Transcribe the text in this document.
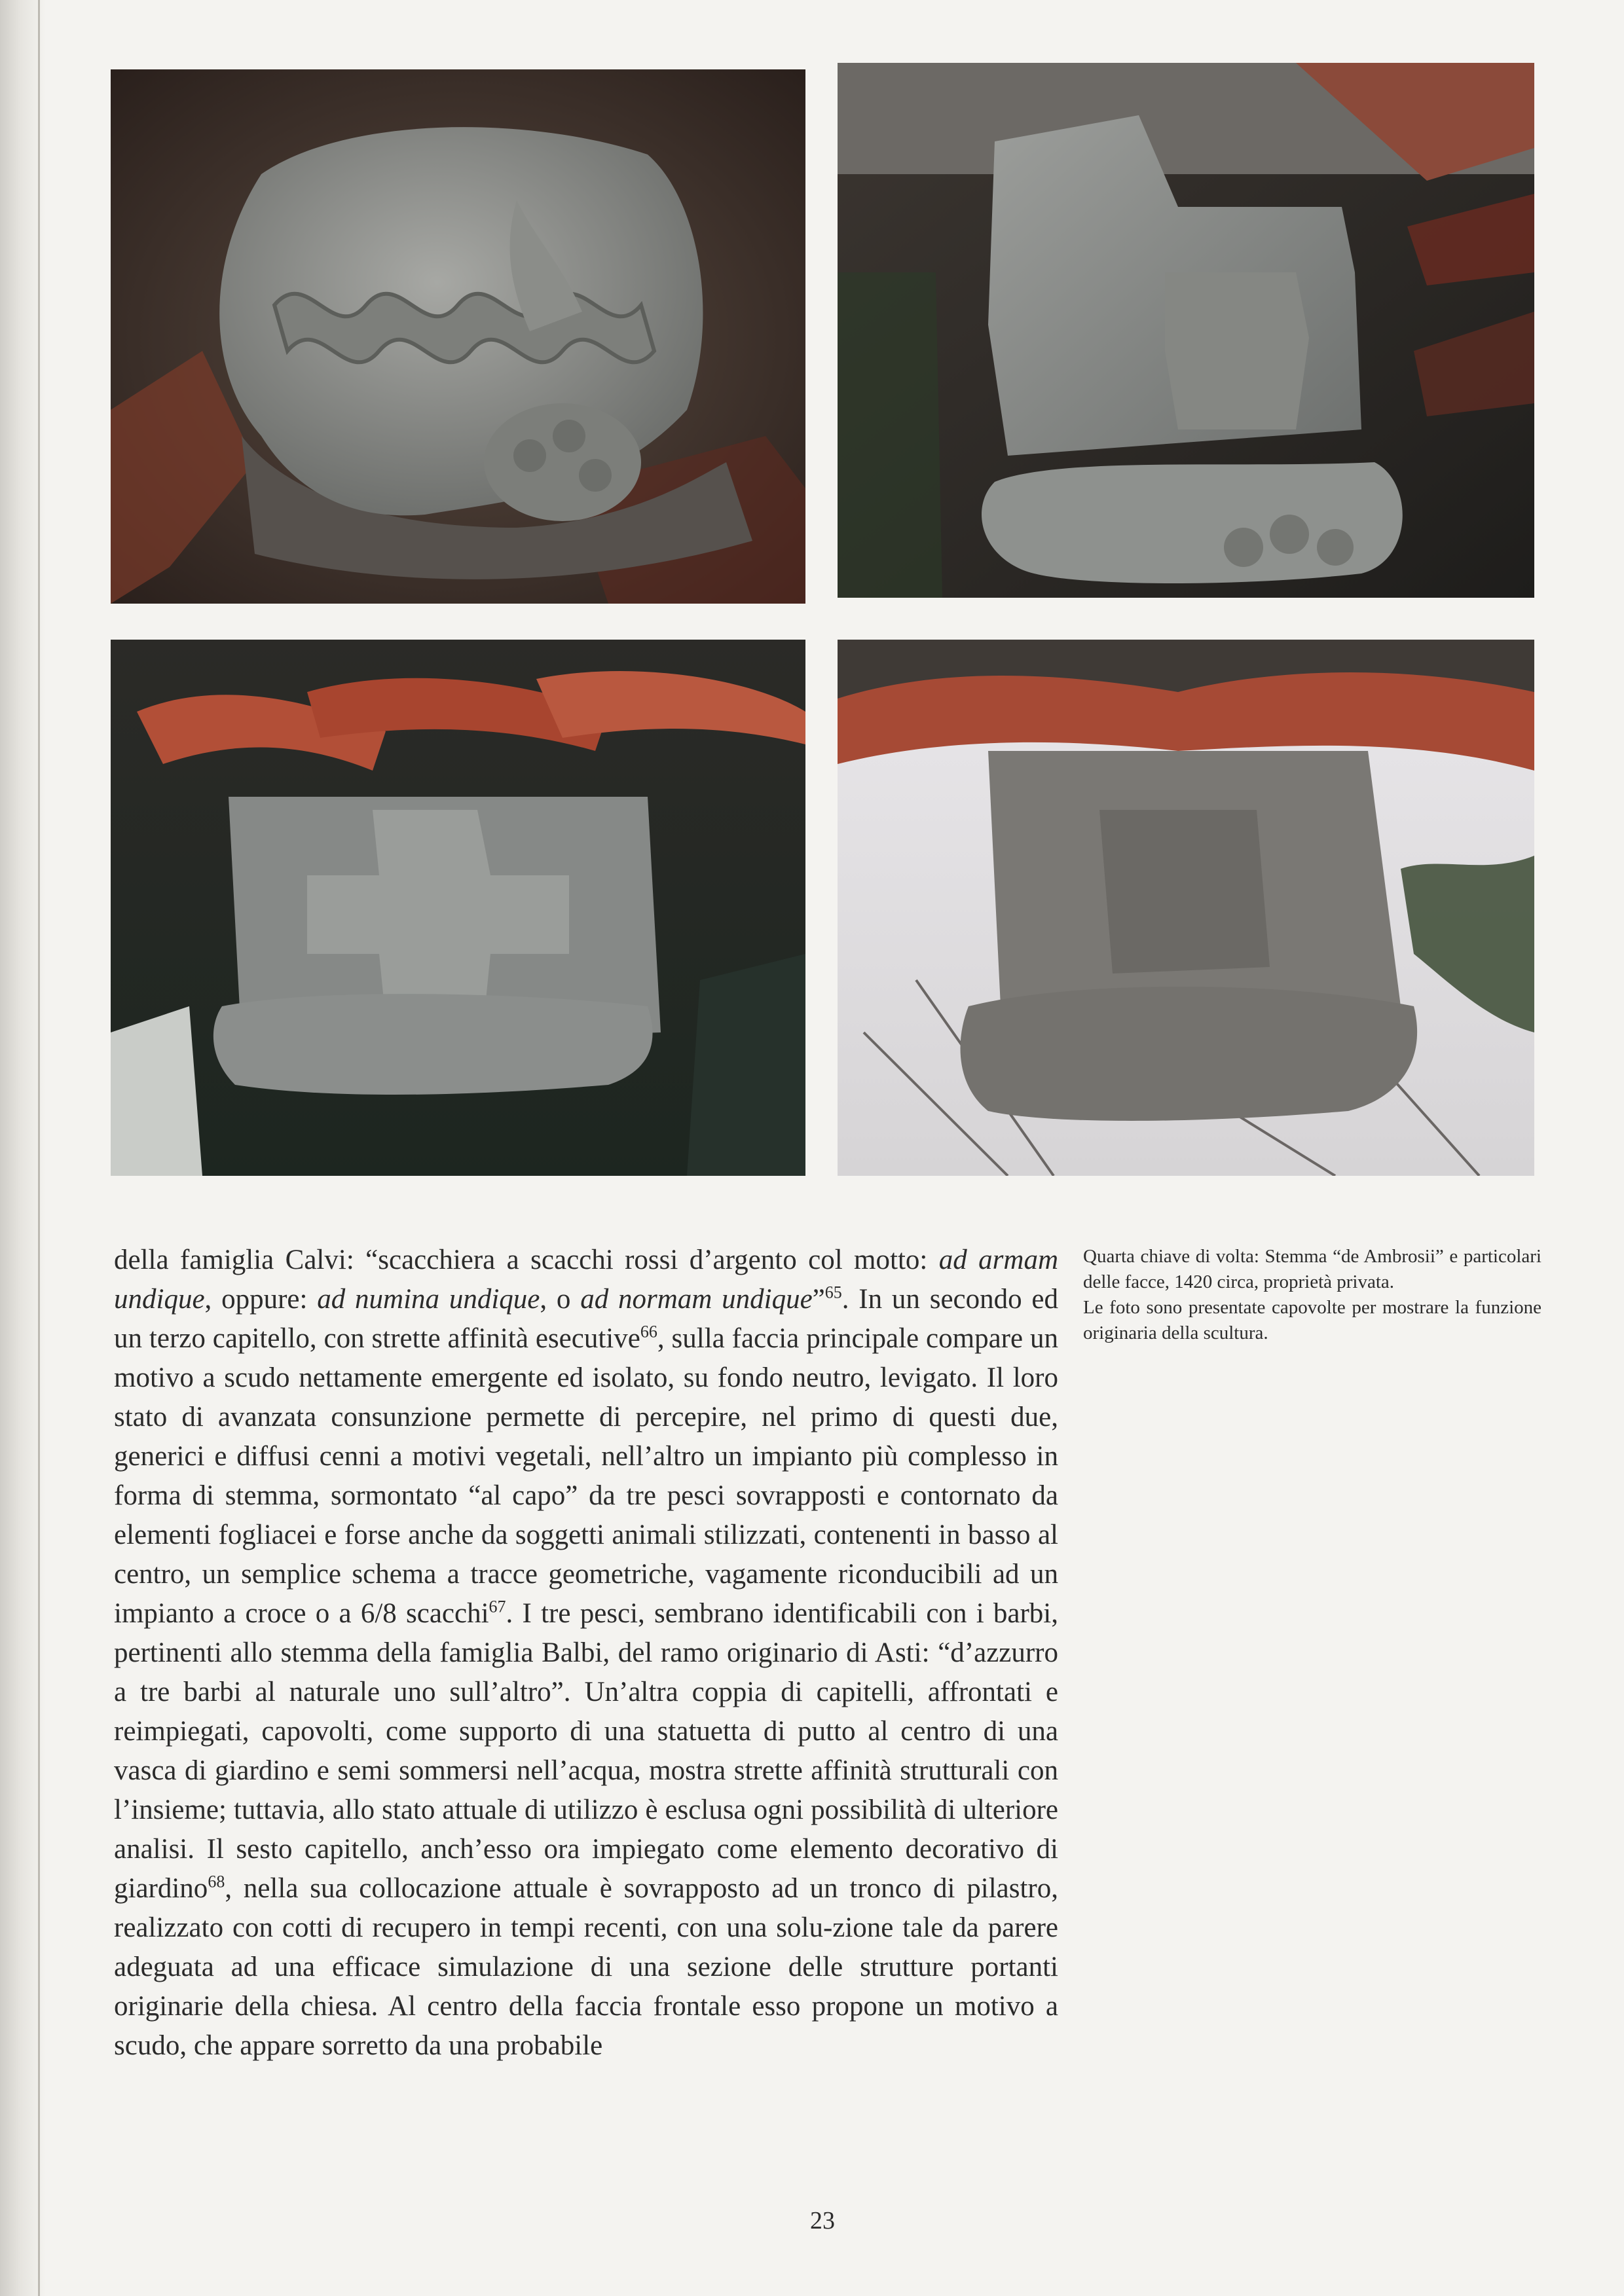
della famiglia Calvi: “scacchiera a scacchi rossi d’argento col motto: ad armam undique, oppure: ad numina undique, o ad normam undique”$^{65}$. In un secondo ed un terzo capitello, con strette affinità esecutive$^{66}$, sulla faccia principale compare un motivo a scudo nettamente emergente ed isolato, su fondo neutro, levigato. Il loro stato di avanzata consunzione permette di percepire, nel primo di questi due, generici e diffusi cenni a motivi vegetali, nell’altro un impianto più complesso in forma di stemma, sormontato “al capo” da tre pesci sovrapposti e contornato da elementi fogliacei e forse anche da soggetti animali stilizzati, contenenti in basso al centro, un semplice schema a tracce geometriche, vagamente riconducibili ad un impianto a croce o a 6/8 scacchi$^{67}$. I tre pesci, sembrano identificabili con i barbi, pertinenti allo stemma della famiglia Balbi, del ramo originario di Asti: “d’azzurro a tre barbi al naturale uno sull’altro”. Un’altra coppia di capitelli, affrontati e reimpiegati, capovolti, come supporto di una statuetta di putto al centro di una vasca di giardino e semi sommersi nell’acqua, mostra strette affinità strutturali con l’insieme; tuttavia, allo stato attuale di utilizzo è esclusa ogni possibilità di ulteriore analisi. Il sesto capitello, anch’esso ora impiegato come elemento decorativo di giardino$^{68}$, nella sua collocazione attuale è sovrapposto ad un tronco di pilastro, realizzato con cotti di recupero in tempi recenti, con una solu-zione tale da parere adeguata ad una efficace simulazione di una sezione delle strutture portanti originarie della chiesa. Al centro della faccia frontale esso propone un motivo a scudo, che appare sorretto da una probabile

Quarta chiave di volta: Stemma “de Ambrosii” e particolari delle facce, 1420 circa, proprietà privata.

Le foto sono presentate capovolte per mostrare la funzione originaria della scultura.

23
